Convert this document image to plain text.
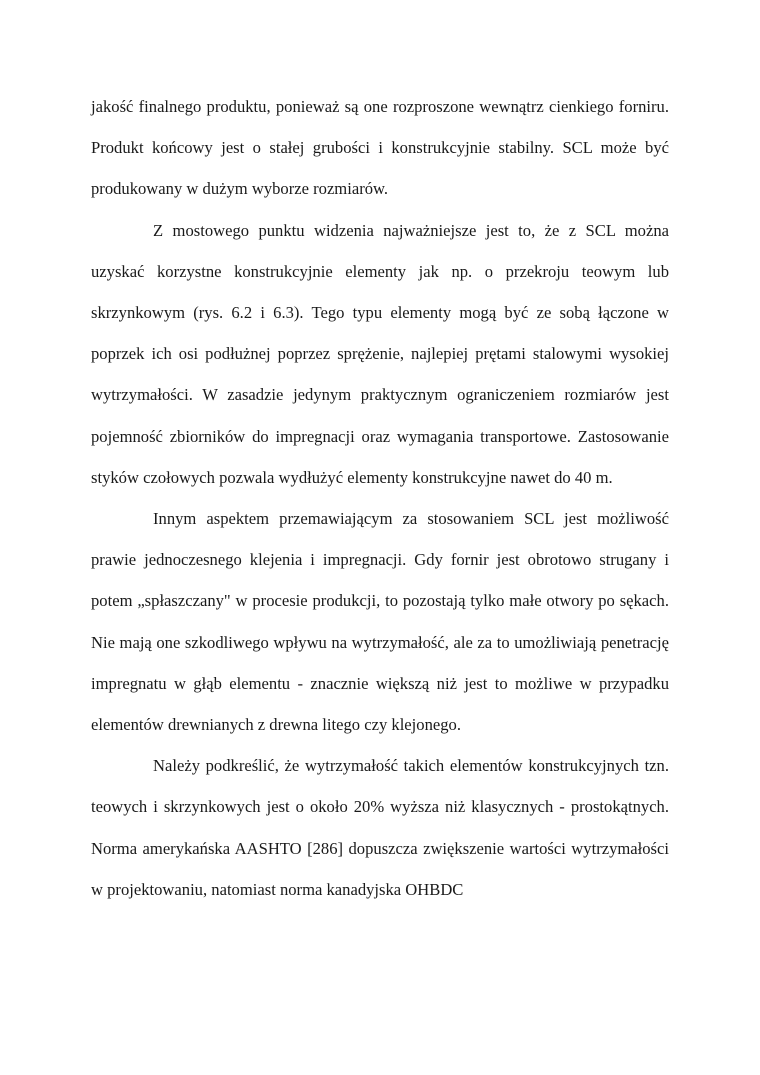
jakość finalnego produktu, ponieważ są one rozproszone wewnątrz cienkiego forniru. Produkt końcowy jest o stałej grubości i konstrukcyjnie stabilny. SCL może być produkowany w dużym wyborze rozmiarów.

Z mostowego punktu widzenia najważniejsze jest to, że z SCL można uzyskać korzystne konstrukcyjnie elementy jak np. o przekroju teowym lub skrzynkowym (rys. 6.2 i 6.3). Tego typu elementy mogą być ze sobą łączone w poprzek ich osi podłużnej poprzez sprężenie, najlepiej prętami stalowymi wysokiej wytrzymałości. W zasadzie jedynym praktycznym ograniczeniem rozmiarów jest pojemność zbiorników do impregnacji oraz wymagania transportowe. Zastosowanie styków czołowych pozwala wydłużyć elementy konstrukcyjne nawet do 40 m.

Innym aspektem przemawiającym za stosowaniem SCL jest możliwość prawie jednoczesnego klejenia i impregnacji. Gdy fornir jest obrotowo strugany i potem „spłaszczany" w procesie produkcji, to pozostają tylko małe otwory po sękach. Nie mają one szkodliwego wpływu na wytrzymałość, ale za to umożliwiają penetrację impregnatu w głąb elementu - znacznie większą niż jest to możliwe w przypadku elementów drewnianych z drewna litego czy klejonego.

Należy podkreślić, że wytrzymałość takich elementów konstrukcyjnych tzn. teowych i skrzynkowych jest o około 20% wyższa niż klasycznych - prostokątnych. Norma amerykańska AASHTO [286] dopuszcza zwiększenie wartości wytrzymałości w projektowaniu, natomiast norma kanadyjska OHBDC
